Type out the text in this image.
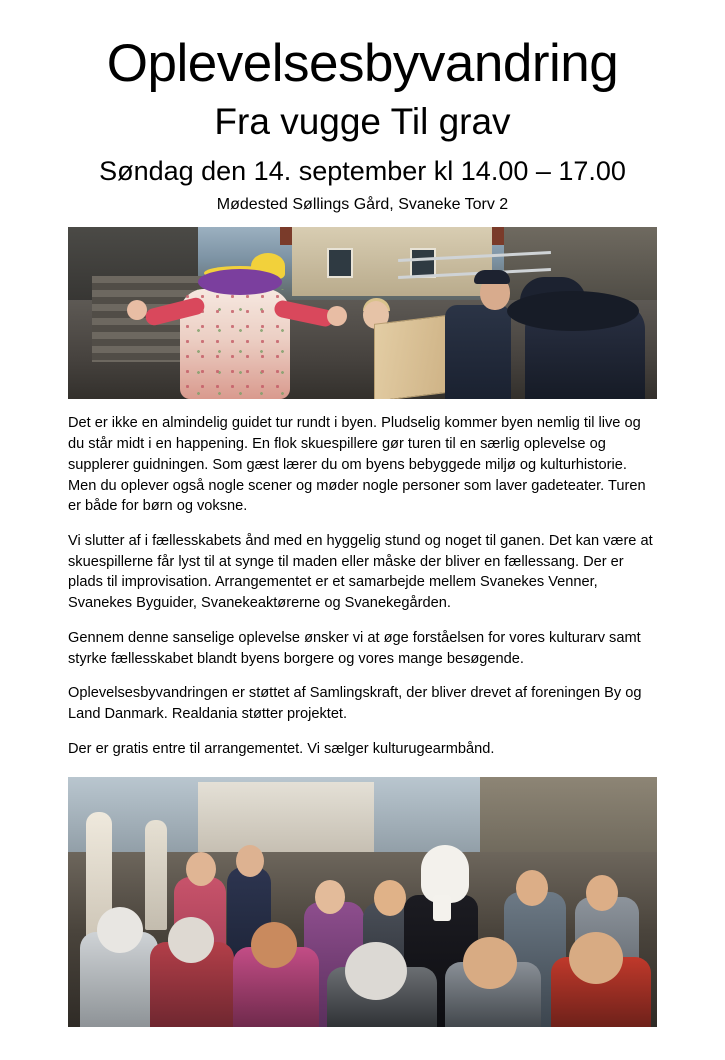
Oplevelsesbyvandring
Fra vugge Til grav
Søndag den 14. september kl 14.00 – 17.00
Mødested Søllings Gård, Svaneke Torv 2

Det er ikke en almindelig guidet tur rundt i byen. Pludselig kommer byen nemlig til live og du står midt i en happening. En flok skuespillere gør turen til en særlig oplevelse og supplerer guidningen. Som gæst lærer du om byens bebyggede miljø og kulturhistorie. Men du oplever også nogle scener og møder nogle personer som laver gadeteater. Turen er både for børn og voksne.

Vi slutter af i fællesskabets ånd med en hyggelig stund og noget til ganen. Det kan være at skuespillerne får lyst til at synge til maden eller måske der bliver en fællessang. Der er plads til improvisation. Arrangementet er et samarbejde mellem Svanekes Venner, Svanekes Byguider, Svanekeaktørerne og Svanekegården.

Gennem denne sanselige oplevelse ønsker vi at øge forståelsen for vores kulturarv samt styrke fællesskabet blandt byens borgere og vores mange besøgende.

Oplevelsesbyvandringen er støttet af Samlingskraft, der bliver drevet af foreningen By og Land Danmark. Realdania støtter projektet.

Der er gratis entre til arrangementet. Vi sælger kulturugearmbånd.
